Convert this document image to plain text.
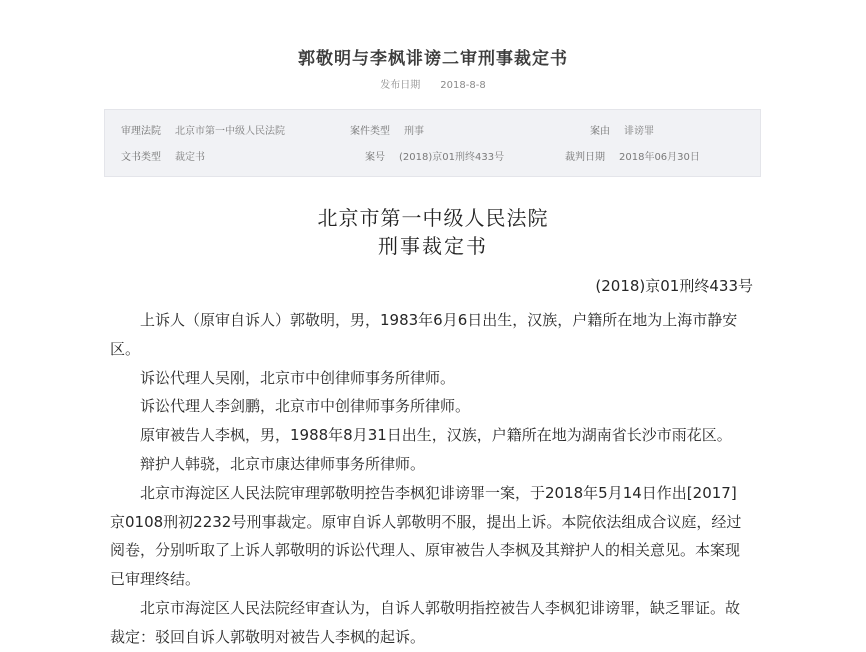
郭敬明与李枫诽谤二审刑事裁定书
发布日期 2018-8-8
审理法院 北京市第一中级人民法院	案件类型 刑事	案由 诽谤罪
文书类型 裁定书	案号 (2018)京01刑终433号	裁判日期 2018年06月30日
北京市第一中级人民法院
刑事裁定书
(2018)京01刑终433号

上诉人（原审自诉人）郭敬明，男，1983年6月6日出生，汉族，户籍所在地为上海市静安区。

诉讼代理人吴刚，北京市中创律师事务所律师。

诉讼代理人李剑鹏，北京市中创律师事务所律师。

原审被告人李枫，男，1988年8月31日出生，汉族，户籍所在地为湖南省长沙市雨花区。

辩护人韩骁，北京市康达律师事务所律师。

北京市海淀区人民法院审理郭敬明控告李枫犯诽谤罪一案，于2018年5月14日作出[2017]京0108刑初2232号刑事裁定。原审自诉人郭敬明不服，提出上诉。本院依法组成合议庭，经过阅卷，分别听取了上诉人郭敬明的诉讼代理人、原审被告人李枫及其辩护人的相关意见。本案现已审理终结。

北京市海淀区人民法院经审查认为，自诉人郭敬明指控被告人李枫犯诽谤罪，缺乏罪证。故裁定：驳回自诉人郭敬明对被告人李枫的起诉。
